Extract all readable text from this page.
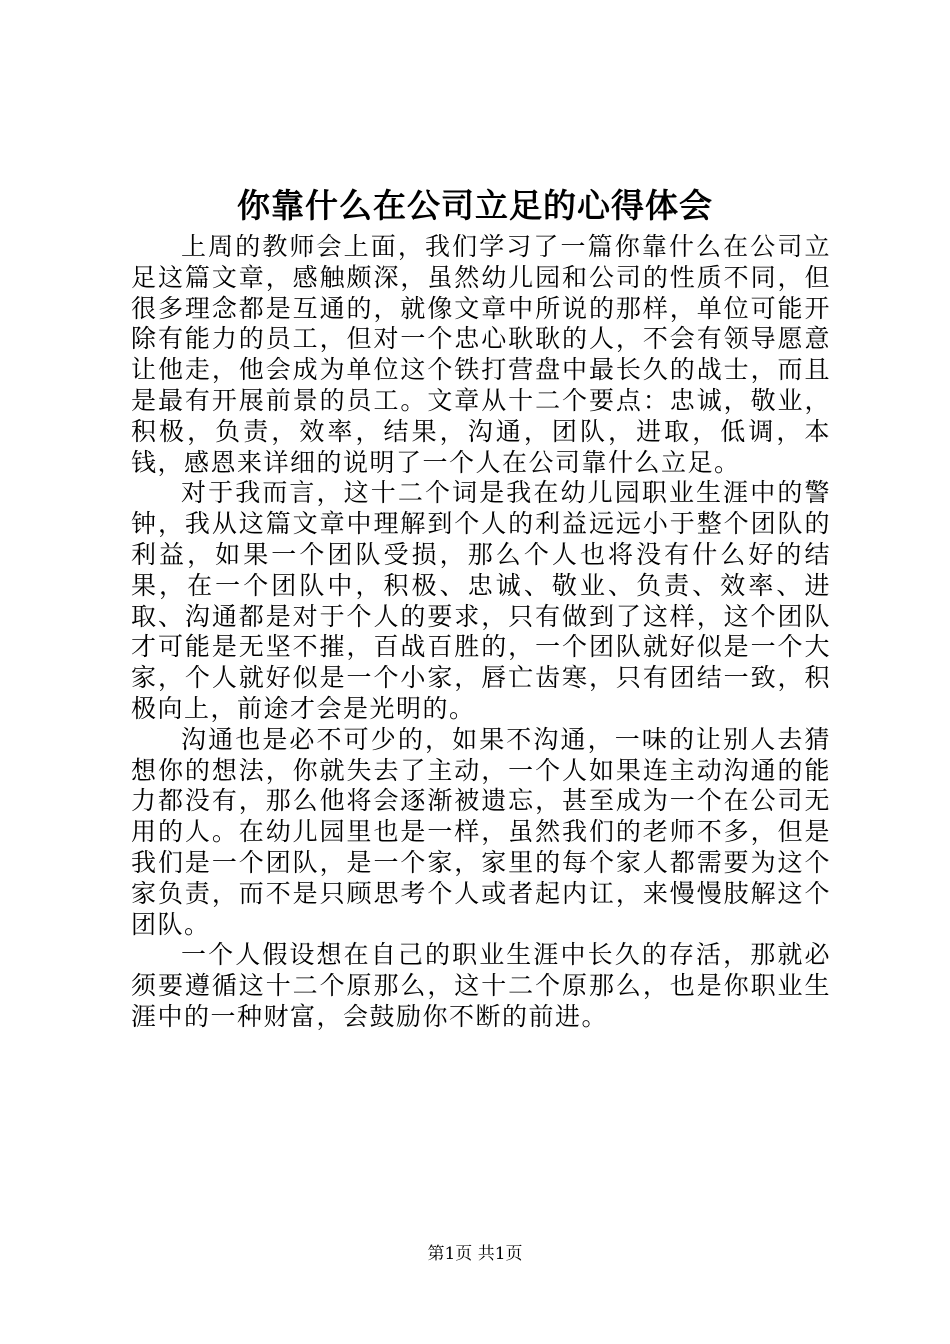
你靠什么在公司立足的心得体会

上周的教师会上面，我们学习了一篇你靠什么在公司立足这篇文章，感触颇深，虽然幼儿园和公司的性质不同，但很多理念都是互通的，就像文章中所说的那样，单位可能开除有能力的员工，但对一个忠心耿耿的人，不会有领导愿意让他走，他会成为单位这个铁打营盘中最长久的战士，而且是最有开展前景的员工。文章从十二个要点：忠诚，敬业，积极，负责，效率，结果，沟通，团队，进取，低调，本钱，感恩来详细的说明了一个人在公司靠什么立足。

对于我而言，这十二个词是我在幼儿园职业生涯中的警钟，我从这篇文章中理解到个人的利益远远小于整个团队的利益，如果一个团队受损，那么个人也将没有什么好的结果，在一个团队中，积极、忠诚、敬业、负责、效率、进取、沟通都是对于个人的要求，只有做到了这样，这个团队才可能是无坚不摧，百战百胜的，一个团队就好似是一个大家，个人就好似是一个小家，唇亡齿寒，只有团结一致，积极向上，前途才会是光明的。

沟通也是必不可少的，如果不沟通，一味的让别人去猜想你的想法，你就失去了主动，一个人如果连主动沟通的能力都没有，那么他将会逐渐被遗忘，甚至成为一个在公司无用的人。在幼儿园里也是一样，虽然我们的老师不多，但是我们是一个团队，是一个家，家里的每个家人都需要为这个家负责，而不是只顾思考个人或者起内讧，来慢慢肢解这个团队。

一个人假设想在自己的职业生涯中长久的存活，那就必须要遵循这十二个原那么，这十二个原那么，也是你职业生涯中的一种财富，会鼓励你不断的前进。

第1页 共1页
